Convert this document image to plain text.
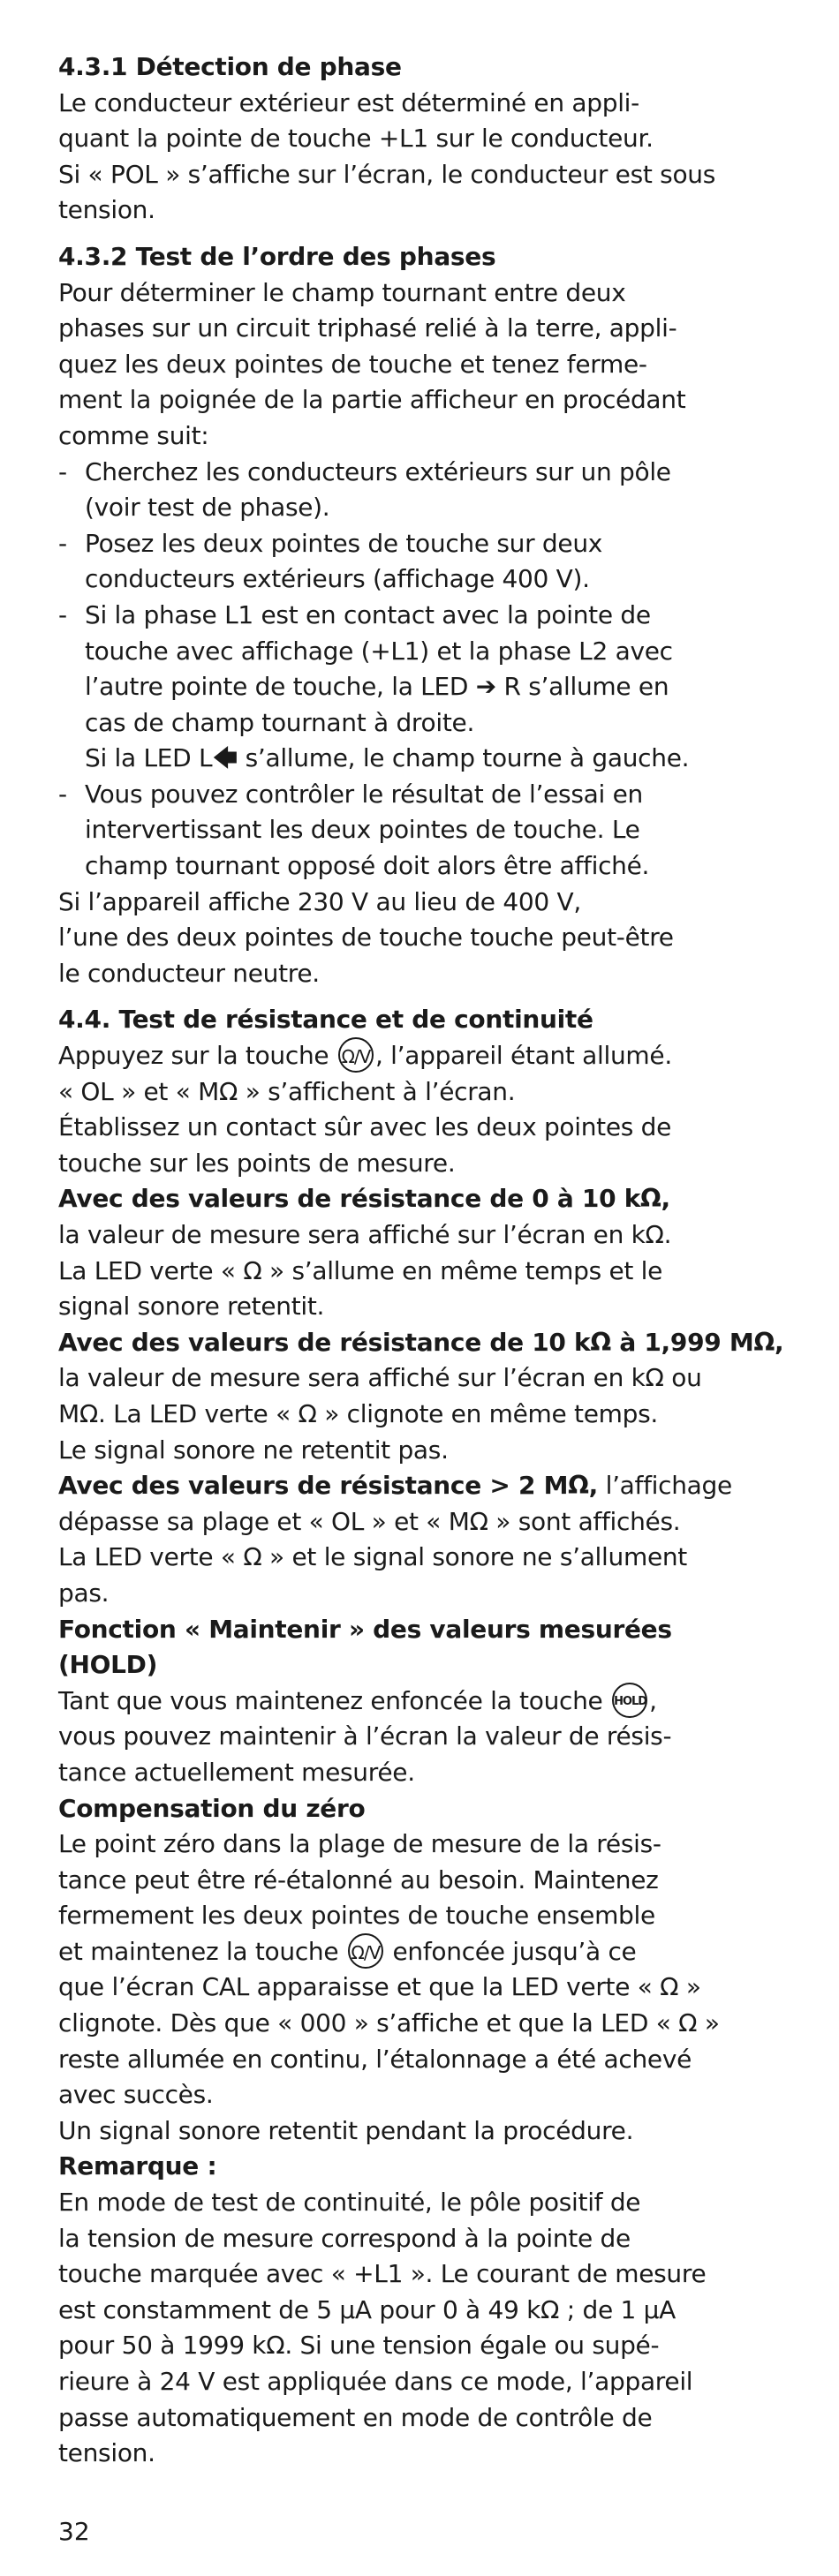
4.3.1 Détection de phase
Le conducteur extérieur est déterminé en appli-
quant la pointe de touche +L1 sur le conducteur.
Si « POL » s’affiche sur l’écran, le conducteur est sous
tension.
4.3.2 Test de l’ordre des phases
Pour déterminer le champ tournant entre deux
phases sur un circuit triphasé relié à la terre, appli-
quez les deux pointes de touche et tenez ferme-
ment la poignée de la partie afficheur en procédant
comme suit:
- Cherchez les conducteurs extérieurs sur un pôle
(voir test de phase).
- Posez les deux pointes de touche sur deux
conducteurs extérieurs (affichage 400 V).
- Si la phase L1 est en contact avec la pointe de
touche avec affichage (+L1) et la phase L2 avec
l’autre pointe de touche, la LED ➔ R s’allume en
cas de champ tournant à droite.
Si la LED L🡄 s’allume, le champ tourne à gauche.
- Vous pouvez contrôler le résultat de l’essai en
intervertissant les deux pointes de touche. Le
champ tournant opposé doit alors être affiché.
Si l’appareil affiche 230 V au lieu de 400 V,
l’une des deux pointes de touche touche peut-être
le conducteur neutre.
4.4. Test de résistance et de continuité
Appuyez sur la touche Ω/V , l’appareil étant allumé.
« OL » et « MΩ » s’affichent à l’écran.
Établissez un contact sûr avec les deux pointes de
touche sur les points de mesure.
Avec des valeurs de résistance de 0 à 10 kΩ,
la valeur de mesure sera affiché sur l’écran en kΩ.
La LED verte « Ω » s’allume en même temps et le
signal sonore retentit.
Avec des valeurs de résistance de 10 kΩ à 1,999 MΩ,
la valeur de mesure sera affiché sur l’écran en kΩ ou
MΩ. La LED verte « Ω » clignote en même temps.
Le signal sonore ne retentit pas.
Avec des valeurs de résistance > 2 MΩ, l’affichage
dépasse sa plage et « OL » et « MΩ » sont affichés.
La LED verte « Ω » et le signal sonore ne s’allument
pas.
Fonction « Maintenir » des valeurs mesurées
(HOLD)
Tant que vous maintenez enfoncée la touche HOLD ,
vous pouvez maintenir à l’écran la valeur de résis-
tance actuellement mesurée.
Compensation du zéro
Le point zéro dans la plage de mesure de la résis-
tance peut être ré-étalonné au besoin. Maintenez
fermement les deux pointes de touche ensemble
et maintenez la touche Ω/V enfoncée jusqu’à ce
que l’écran CAL apparaisse et que la LED verte « Ω »
clignote. Dès que « 000 » s’affiche et que la LED « Ω »
reste allumée en continu, l’étalonnage a été achevé
avec succès.
Un signal sonore retentit pendant la procédure.
Remarque :
En mode de test de continuité, le pôle positif de
la tension de mesure correspond à la pointe de
touche marquée avec « +L1 ». Le courant de mesure
est constamment de 5 µA pour 0 à 49 kΩ ; de 1 µA
pour 50 à 1999 kΩ. Si une tension égale ou supé-
rieure à 24 V est appliquée dans ce mode, l’appareil
passe automatiquement en mode de contrôle de
tension.
32
